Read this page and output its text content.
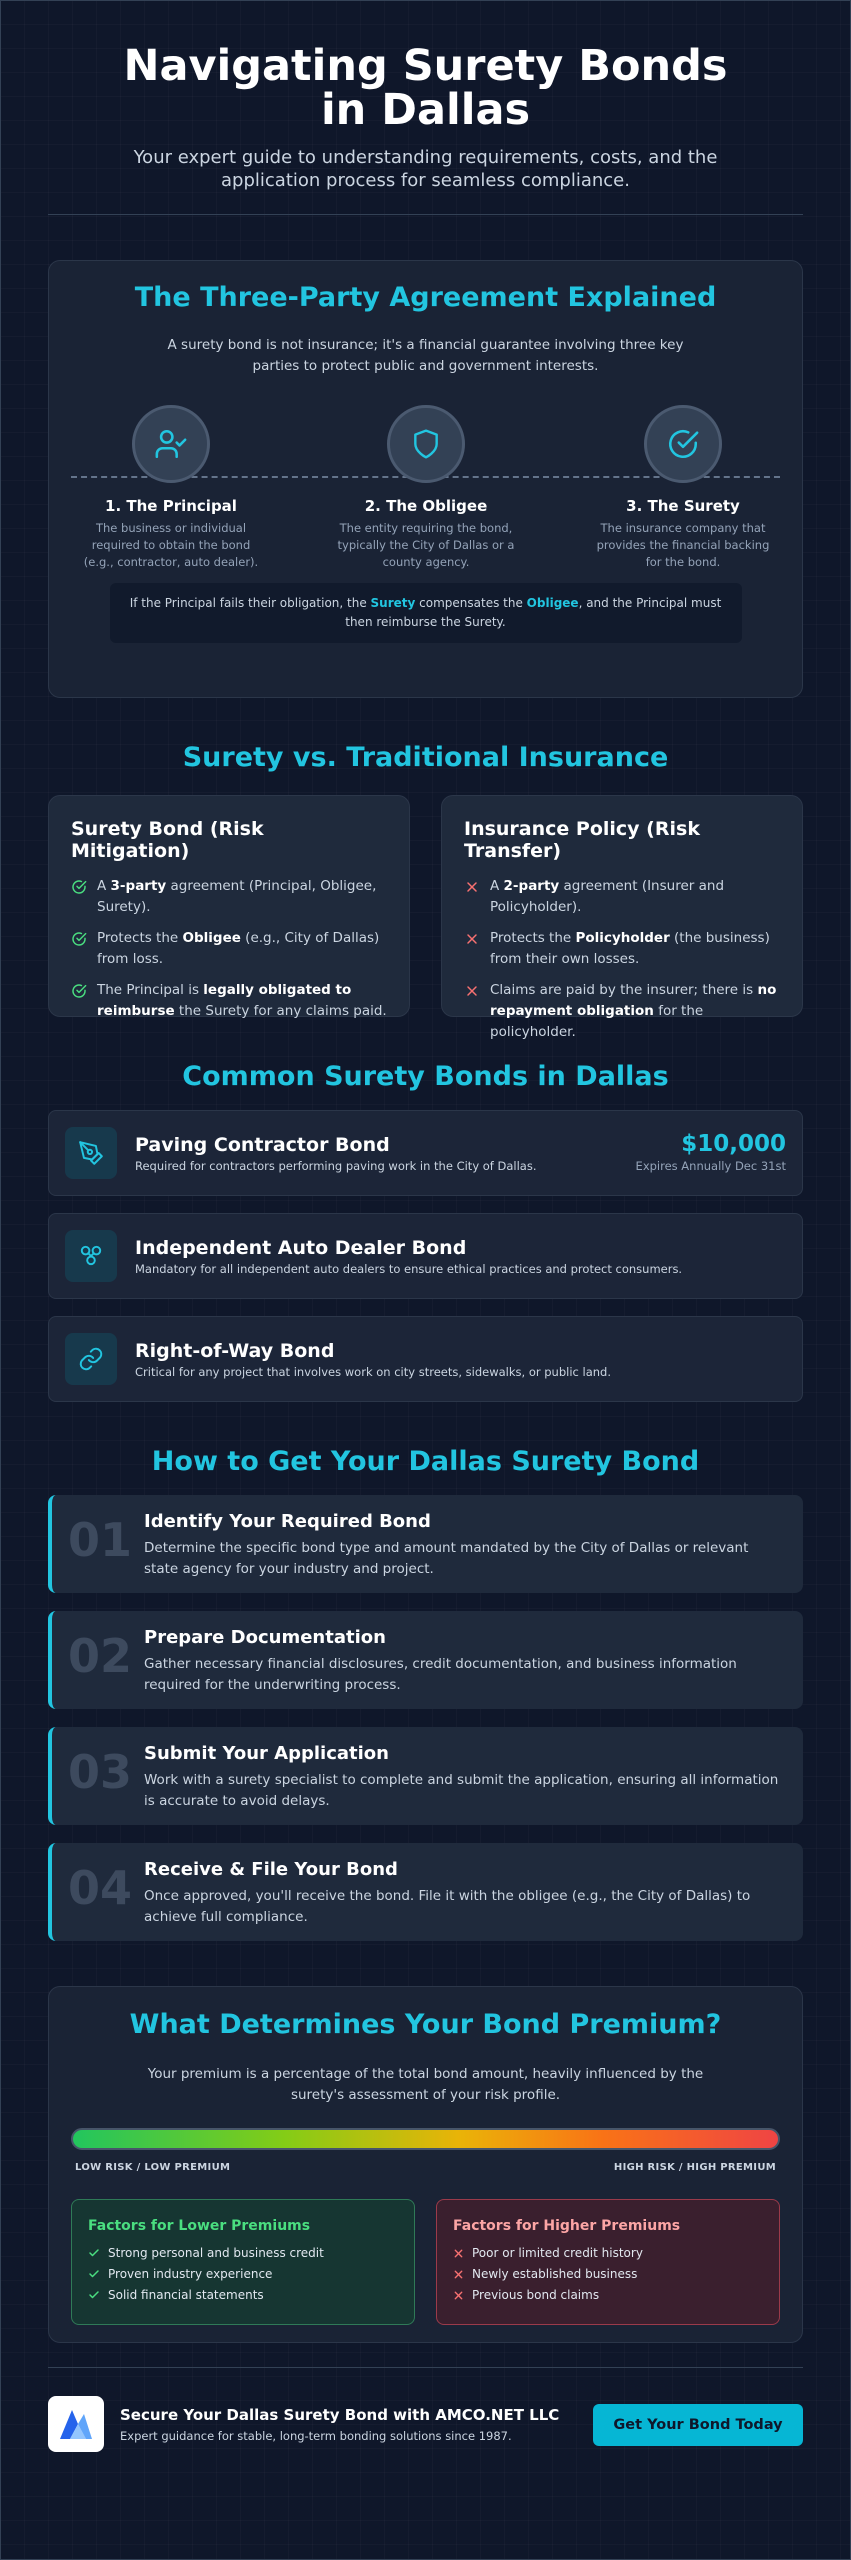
Navigating Surety Bonds in Dallas

Your expert guide to understanding requirements, costs, and the application process for seamless compliance.

The Three-Party Agreement Explained

A surety bond is not insurance; it's a financial guarantee involving three key parties to protect public and government interests.

1. The Principal

The business or individual required to obtain the bond (e.g., contractor, auto dealer).

2. The Obligee

The entity requiring the bond, typically the City of Dallas or a county agency.

3. The Surety

The insurance company that provides the financial backing for the bond.

If the Principal fails their obligation, the Surety compensates the Obligee, and the Principal must then reimburse the Surety.
Surety vs. Traditional Insurance
Surety Bond (Risk Mitigation)
A 3-party agreement (Principal, Obligee, Surety).
Protects the Obligee (e.g., City of Dallas) from loss.
The Principal is legally obligated to reimburse the Surety for any claims paid.
Insurance Policy (Risk Transfer)
A 2-party agreement (Insurer and Policyholder).
Protects the Policyholder (the business) from their own losses.
Claims are paid by the insurer; there is no repayment obligation for the policyholder.
Common Surety Bonds in Dallas
Paving Contractor Bond

Required for contractors performing paving work in the City of Dallas.

$10,000
Expires Annually Dec 31st
Independent Auto Dealer Bond

Mandatory for all independent auto dealers to ensure ethical practices and protect consumers.

Right-of-Way Bond

Critical for any project that involves work on city streets, sidewalks, or public land.

How to Get Your Dallas Surety Bond
01 Identify Your Required Bond

Determine the specific bond type and amount mandated by the City of Dallas or relevant state agency for your industry and project.

02 Prepare Documentation

Gather necessary financial disclosures, credit documentation, and business information required for the underwriting process.

03 Submit Your Application

Work with a surety specialist to complete and submit the application, ensuring all information is accurate to avoid delays.

04 Receive & File Your Bond

Once approved, you'll receive the bond. File it with the obligee (e.g., the City of Dallas) to achieve full compliance.

What Determines Your Bond Premium?

Your premium is a percentage of the total bond amount, heavily influenced by the surety's assessment of your risk profile.

LOW RISK / LOW PREMIUM	HIGH RISK / HIGH PREMIUM
Factors for Lower Premiums
Strong personal and business credit
Proven industry experience
Solid financial statements
Factors for Higher Premiums
Poor or limited credit history
Newly established business
Previous bond claims
Secure Your Dallas Surety Bond with AMCO.NET LLC

Expert guidance for stable, long-term bonding solutions since 1987.

Get Your Bond Today
